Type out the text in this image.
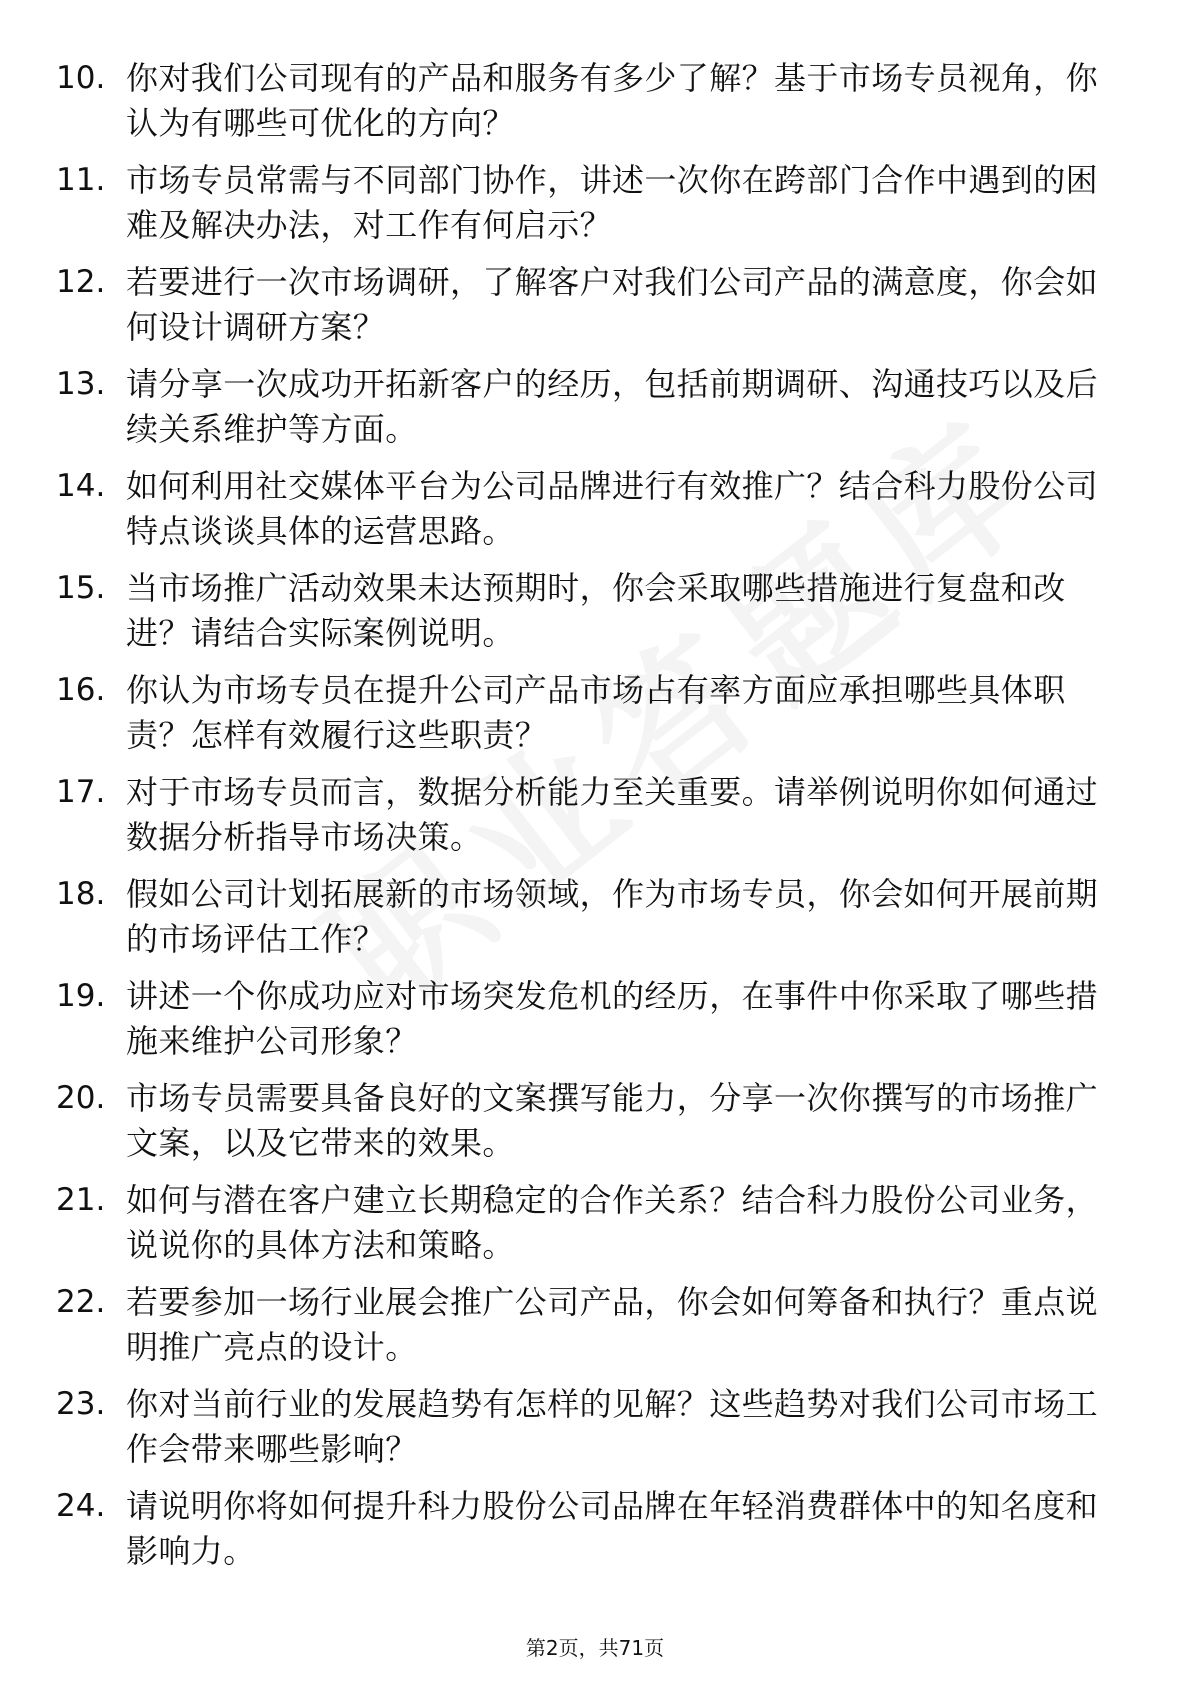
10. 你对我们公司现有的产品和服务有多少了解？基于市场专员视角，你认为有哪些可优化的方向？
11. 市场专员常需与不同部门协作，讲述一次你在跨部门合作中遇到的困难及解决办法，对工作有何启示？
12. 若要进行一次市场调研，了解客户对我们公司产品的满意度，你会如何设计调研方案？
13. 请分享一次成功开拓新客户的经历，包括前期调研、沟通技巧以及后续关系维护等方面。
14. 如何利用社交媒体平台为公司品牌进行有效推广？结合科力股份公司特点谈谈具体的运营思路。
15. 当市场推广活动效果未达预期时，你会采取哪些措施进行复盘和改进？请结合实际案例说明。
16. 你认为市场专员在提升公司产品市场占有率方面应承担哪些具体职责？怎样有效履行这些职责？
17. 对于市场专员而言，数据分析能力至关重要。请举例说明你如何通过数据分析指导市场决策。
18. 假如公司计划拓展新的市场领域，作为市场专员，你会如何开展前期的市场评估工作？
19. 讲述一个你成功应对市场突发危机的经历，在事件中你采取了哪些措施来维护公司形象？
20. 市场专员需要具备良好的文案撰写能力，分享一次你撰写的市场推广文案，以及它带来的效果。
21. 如何与潜在客户建立长期稳定的合作关系？结合科力股份公司业务，说说你的具体方法和策略。
22. 若要参加一场行业展会推广公司产品，你会如何筹备和执行？重点说明推广亮点的设计。
23. 你对当前行业的发展趋势有怎样的见解？这些趋势对我们公司市场工作会带来哪些影响？
24. 请说明你将如何提升科力股份公司品牌在年轻消费群体中的知名度和影响力。
第2页，共71页
